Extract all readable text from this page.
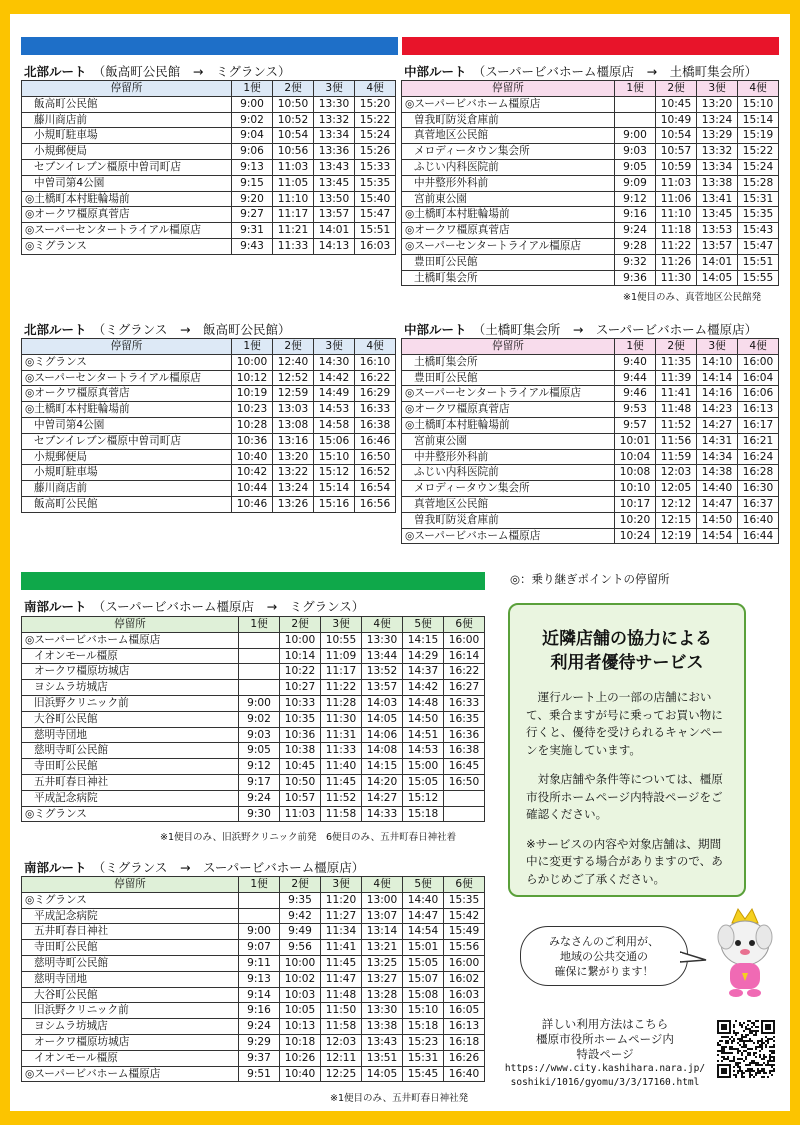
北部ルート　 （飯高町公民館　 →　 ミグランス）	中部ルート　 （スーパービバホーム橿原店　 →　 土橋町集会所）
北部ルート　 （ミグランス　 →　 飯高町公民館）	中部ルート　 （土橋町集会所　 →　 スーパービバホーム橿原店）
南部ルート　 （スーパービバホーム橿原店　 →　 ミグランス）
南部ルート　 （ミグランス　 →　 スーパービバホーム橿原店）
停留所	1便	2便	3便	4便
飯高町公民館	9:00	10:50	13:30	15:20
藤川商店前	9:02	10:52	13:32	15:22
小規町駐車場	9:04	10:54	13:34	15:24
小規郵便局	9:06	10:56	13:36	15:26
セブンイレブン橿原中曽司町店	9:13	11:03	13:43	15:33
中曽司第4公園	9:15	11:05	13:45	15:35
◎土橋町本村駐輪場前	9:20	11:10	13:50	15:40
◎オークワ橿原真菅店	9:27	11:17	13:57	15:47
◎スーパーセンタートライアル橿原店	9:31	11:21	14:01	15:51
◎ミグランス	9:43	11:33	14:13	16:03
停留所	1便	2便	3便	4便
◎スーパービバホーム橿原店		10:45	13:20	15:10
曽我町防災倉庫前		10:49	13:24	15:14
真菅地区公民館	9:00	10:54	13:29	15:19
メロディータウン集会所	9:03	10:57	13:32	15:22
ふじい内科医院前	9:05	10:59	13:34	15:24
中井整形外科前	9:09	11:03	13:38	15:28
宮前東公園	9:12	11:06	13:41	15:31
◎土橋町本村駐輪場前	9:16	11:10	13:45	15:35
◎オークワ橿原真菅店	9:24	11:18	13:53	15:43
◎スーパーセンタートライアル橿原店	9:28	11:22	13:57	15:47
豊田町公民館	9:32	11:26	14:01	15:51
土橋町集会所	9:36	11:30	14:05	15:55
停留所	1便	2便	3便	4便
◎ミグランス	10:00	12:40	14:30	16:10
◎スーパーセンタートライアル橿原店	10:12	12:52	14:42	16:22
◎オークワ橿原真菅店	10:19	12:59	14:49	16:29
◎土橋町本村駐輪場前	10:23	13:03	14:53	16:33
中曽司第4公園	10:28	13:08	14:58	16:38
セブンイレブン橿原中曽司町店	10:36	13:16	15:06	16:46
小規郵便局	10:40	13:20	15:10	16:50
小規町駐車場	10:42	13:22	15:12	16:52
藤川商店前	10:44	13:24	15:14	16:54
飯高町公民館	10:46	13:26	15:16	16:56
停留所	1便	2便	3便	4便
土橋町集会所	9:40	11:35	14:10	16:00
豊田町公民館	9:44	11:39	14:14	16:04
◎スーパーセンタートライアル橿原店	9:46	11:41	14:16	16:06
◎オークワ橿原真菅店	9:53	11:48	14:23	16:13
◎土橋町本村駐輪場前	9:57	11:52	14:27	16:17
宮前東公園	10:01	11:56	14:31	16:21
中井整形外科前	10:04	11:59	14:34	16:24
ふじい内科医院前	10:08	12:03	14:38	16:28
メロディータウン集会所	10:10	12:05	14:40	16:30
真菅地区公民館	10:17	12:12	14:47	16:37
曽我町防災倉庫前	10:20	12:15	14:50	16:40
◎スーパービバホーム橿原店	10:24	12:19	14:54	16:44
停留所	1便	2便	3便	4便	5便	6便
◎スーパービバホーム橿原店		10:00	10:55	13:30	14:15	16:00
イオンモール橿原		10:14	11:09	13:44	14:29	16:14
オークワ橿原坊城店		10:22	11:17	13:52	14:37	16:22
ヨシムラ坊城店		10:27	11:22	13:57	14:42	16:27
旧浜野クリニック前	9:00	10:33	11:28	14:03	14:48	16:33
大谷町公民館	9:02	10:35	11:30	14:05	14:50	16:35
慈明寺団地	9:03	10:36	11:31	14:06	14:51	16:36
慈明寺町公民館	9:05	10:38	11:33	14:08	14:53	16:38
寺田町公民館	9:12	10:45	11:40	14:15	15:00	16:45
五井町春日神社	9:17	10:50	11:45	14:20	15:05	16:50
平成記念病院	9:24	10:57	11:52	14:27	15:12	
◎ミグランス	9:30	11:03	11:58	14:33	15:18	
停留所	1便	2便	3便	4便	5便	6便
◎ミグランス		9:35	11:20	13:00	14:40	15:35
平成記念病院		9:42	11:27	13:07	14:47	15:42
五井町春日神社	9:00	9:49	11:34	13:14	14:54	15:49
寺田町公民館	9:07	9:56	11:41	13:21	15:01	15:56
慈明寺町公民館	9:11	10:00	11:45	13:25	15:05	16:00
慈明寺団地	9:13	10:02	11:47	13:27	15:07	16:02
大谷町公民館	9:14	10:03	11:48	13:28	15:08	16:03
旧浜野クリニック前	9:16	10:05	11:50	13:30	15:10	16:05
ヨシムラ坊城店	9:24	10:13	11:58	13:38	15:18	16:13
オークワ橿原坊城店	9:29	10:18	12:03	13:43	15:23	16:18
イオンモール橿原	9:37	10:26	12:11	13:51	15:31	16:26
◎スーパービバホーム橿原店	9:51	10:40	12:25	14:05	15:45	16:40
※1便目のみ、真菅地区公民館発
※1便目のみ、旧浜野クリニック前発　6便目のみ、五井町春日神社着
※1便目のみ、五井町春日神社発
◎：乗り継ぎポイントの停留所
近隣店舗の協力による
利用者優待サービス

　運行ルート上の一部の店舗において、乗合ますが号に乗ってお買い物に行くと、優待を受けられるキャンペーンを実施しています。

　対象店舗や条件等については、橿原市役所ホームページ内特設ページをご確認ください。

※サービスの内容や対象店舗は、期間中に変更する場合がありますので、あらかじめご了承ください。

みなさんのご利用が、
地域の公共交通の
確保に繋がります！
詳しい利用方法はこちら
橿原市役所ホームページ内
特設ページ
https://www.city.kashihara.nara.jp/
soshiki/1016/gyomu/3/3/17160.html
